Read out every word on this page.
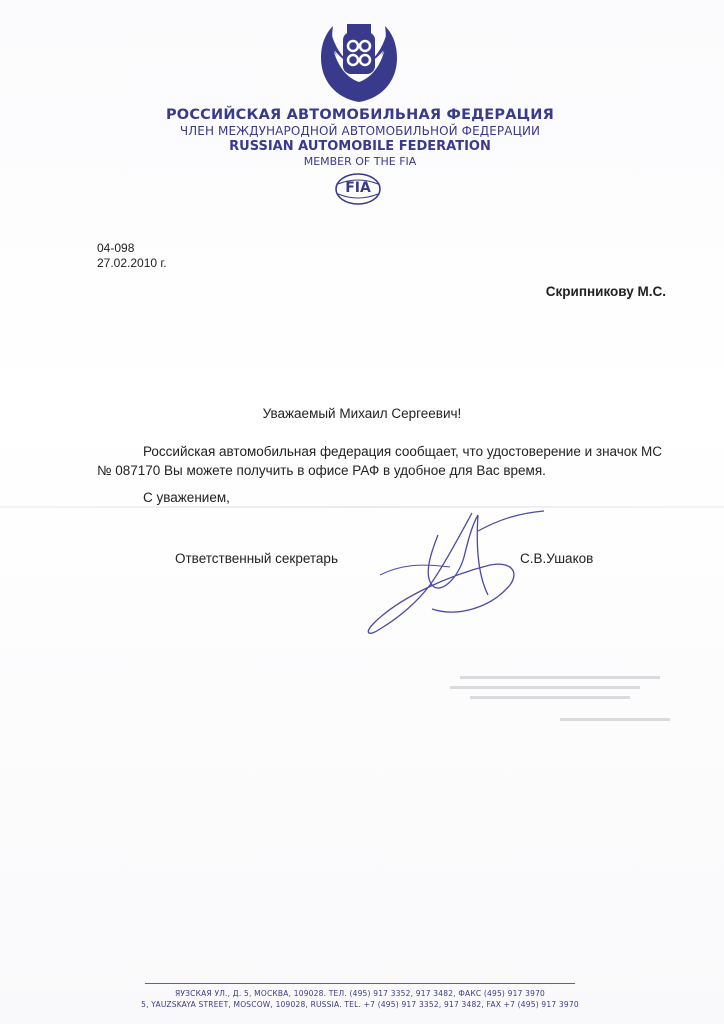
РОССИЙСКАЯ АВТОМОБИЛЬНАЯ ФЕДЕРАЦИЯ
ЧЛЕН МЕЖДУНАРОДНОЙ АВТОМОБИЛЬНОЙ ФЕДЕРАЦИИ
RUSSIAN AUTOMOBILE FEDERATION
MEMBER OF THE FIA
FIA
04-098
27.02.2010 г.
Скрипникову М.С.
Уважаемый Михаил Сергеевич!
Российская автомобильная федерация сообщает, что удостоверение и значок МС
№ 087170 Вы можете получить в офисе РАФ в удобное для Вас время.
С уважением,
Ответственный секретарь	С.В.Ушаков
ЯУЗСКАЯ УЛ., Д. 5, МОСКВА, 109028. ТЕЛ. (495) 917 3352, 917 3482, ФАКС (495) 917 3970
5, YAUZSKAYA STREET, MOSCOW, 109028, RUSSIA. TEL. +7 (495) 917 3352, 917 3482, FAX +7 (495) 917 3970
